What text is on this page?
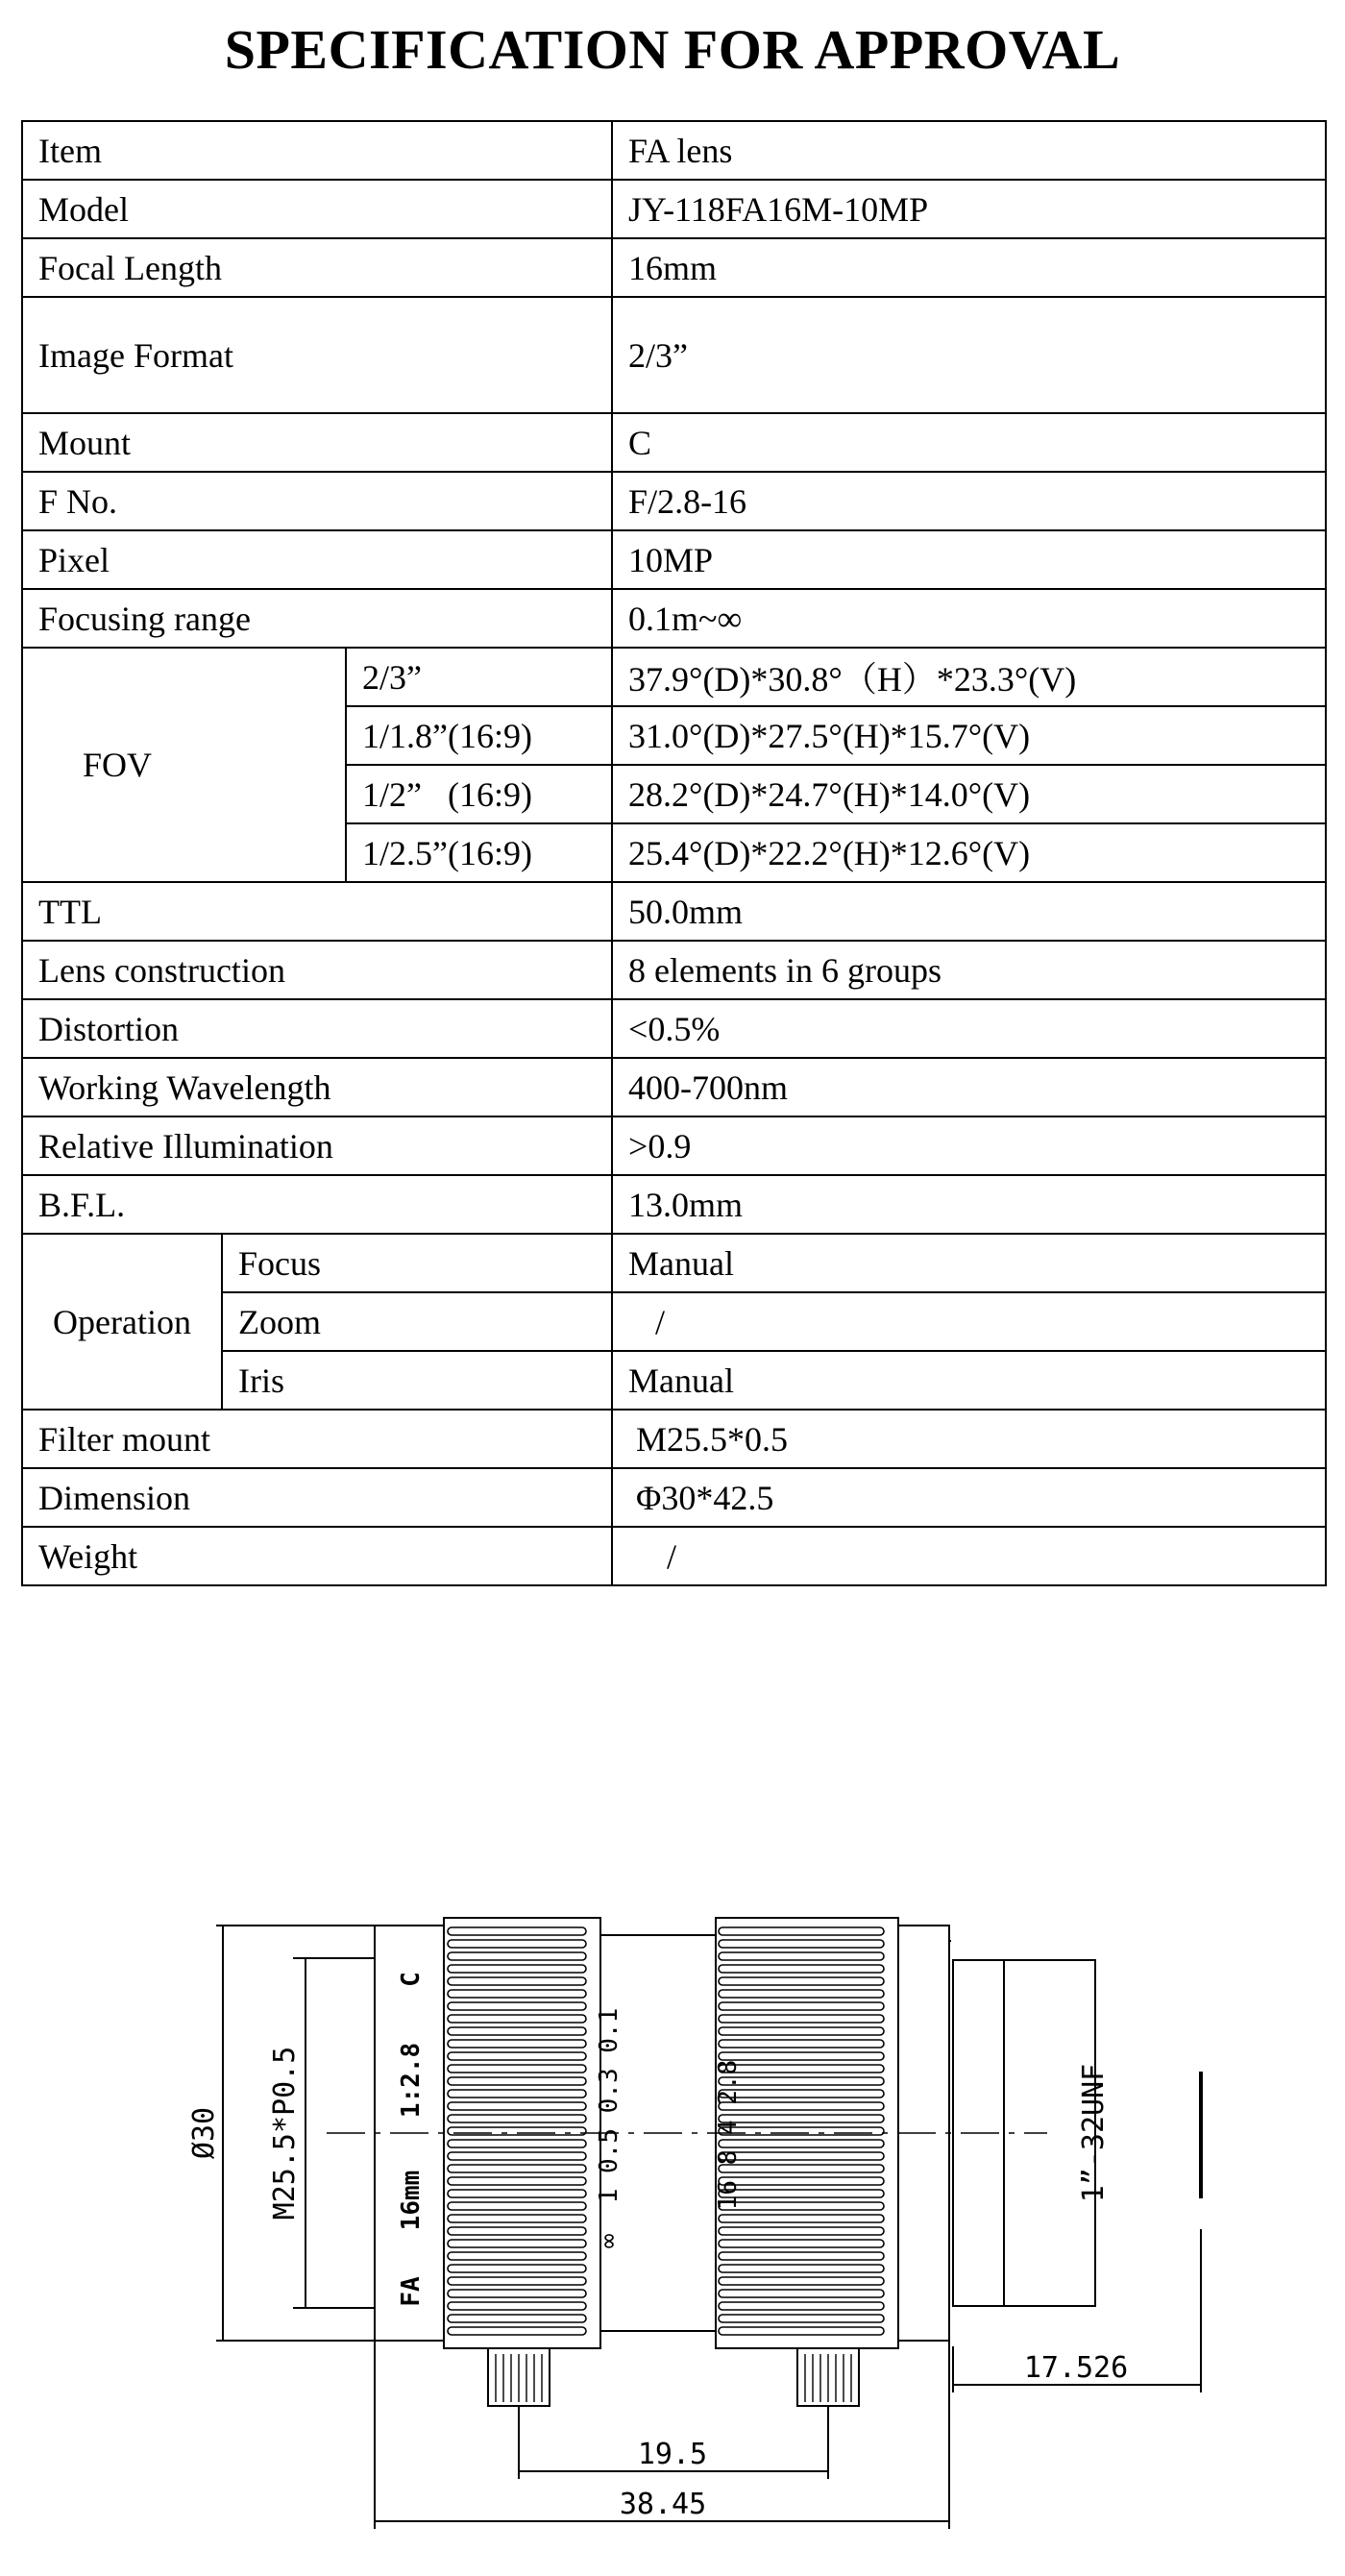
SPECIFICATION FOR APPROVAL
Item			FA lens
Model			JY-118FA16M-10MP
Focal Length			16mm
Image Format			2/3”
Mount			C
F No.			F/2.8-16
Pixel			10MP
Focusing range			0.1m~∞
FOV		2/3”	37.9°(D)*30.8°（H）*23.3°(V)
		1/1.8”(16:9)	31.0°(D)*27.5°(H)*15.7°(V)
		1/2”   (16:9)	28.2°(D)*24.7°(H)*14.0°(V)
		1/2.5”(16:9)	25.4°(D)*22.2°(H)*12.6°(V)
TTL			50.0mm
Lens construction			8 elements in 6 groups
Distortion			<0.5%
Working Wavelength			400-700nm
Relative Illumination			>0.9
B.F.L.			13.0mm
Operation	Focus		Manual
	Zoom		/
	Iris		Manual
Filter mount			M25.5*0.5
Dimension			Φ30*42.5
Weight			/
Ø30 M25.5*P0.5	1”-32UNF
FA
16mm
1:2.8
C
∞  1 0.5 0.3 0.1	16 8 4 2.8
17.526
19.5
38.45
